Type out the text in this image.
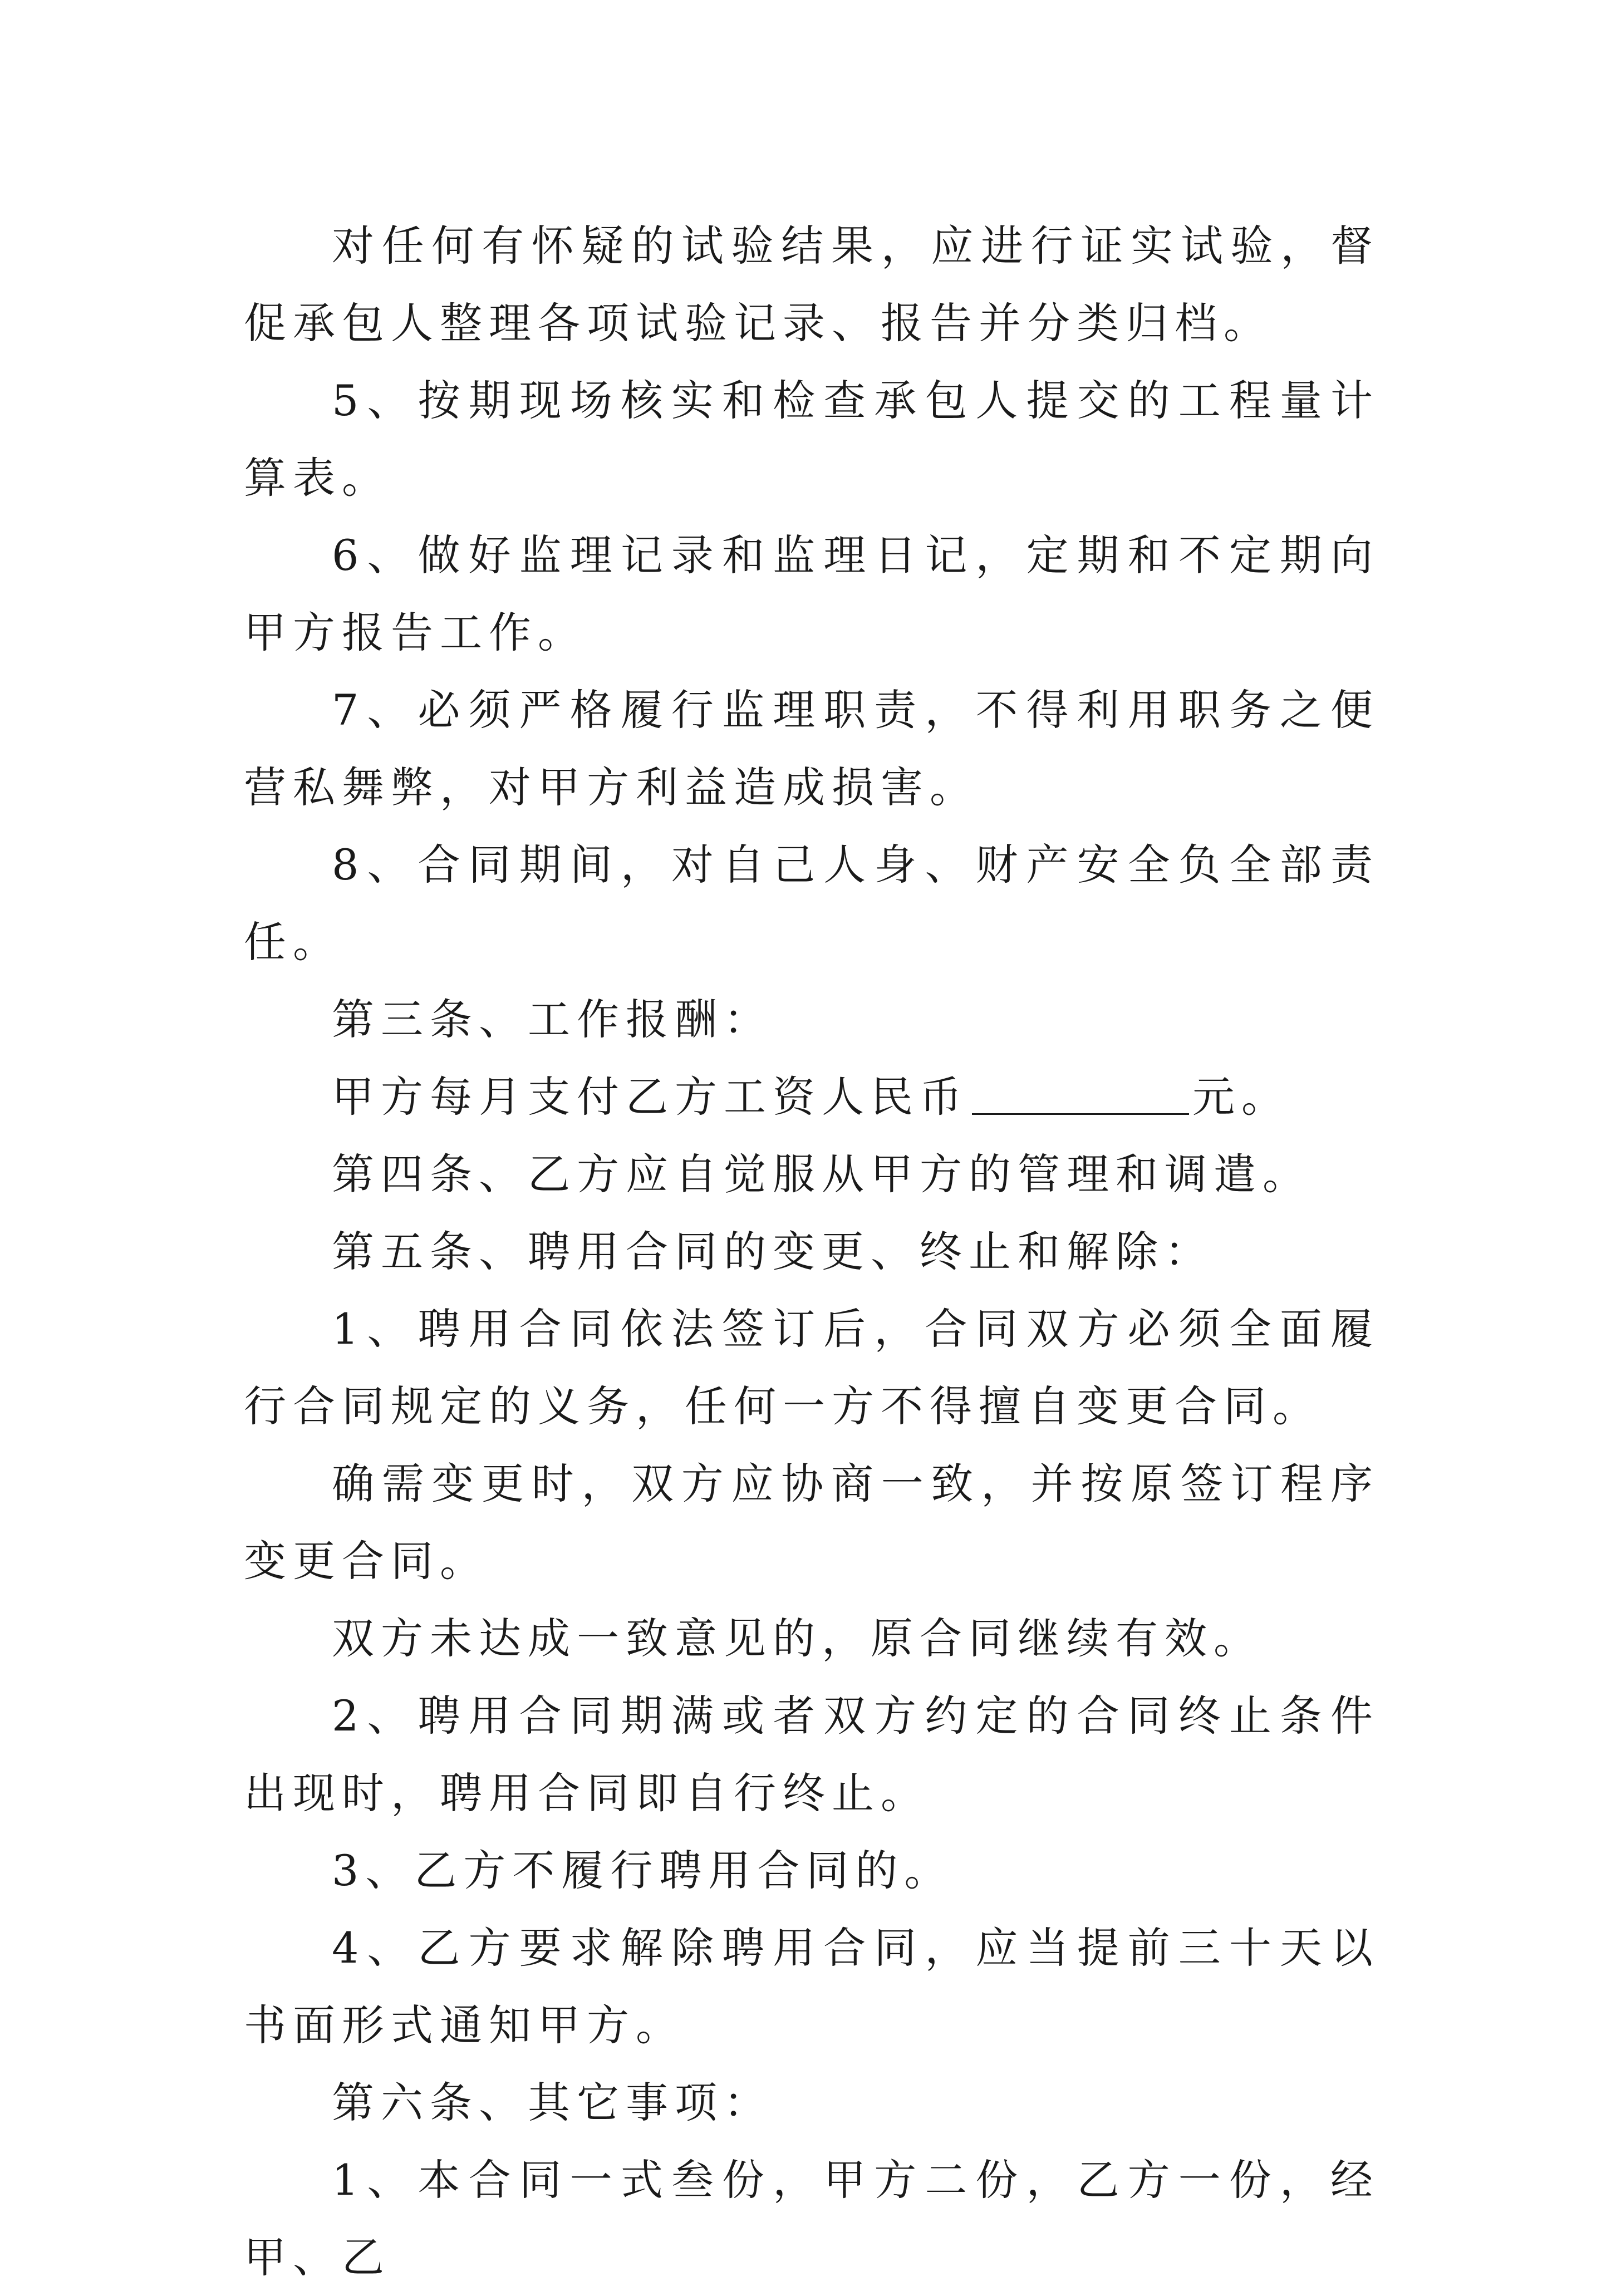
对任何有怀疑的试验结果，应进行证实试验，督促承包人整理各项试验记录、报告并分类归档。

5、按期现场核实和检查承包人提交的工程量计算表。

6、做好监理记录和监理日记，定期和不定期向甲方报告工作。

7、必须严格履行监理职责，不得利用职务之便营私舞弊，对甲方利益造成损害。

8、合同期间，对自己人身、财产安全负全部责任。

第三条、工作报酬：

甲方每月支付乙方工资人民币	元。

第四条、乙方应自觉服从甲方的管理和调遣。

第五条、聘用合同的变更、终止和解除：

1、聘用合同依法签订后，合同双方必须全面履行合同规定的义务，任何一方不得擅自变更合同。

确需变更时，双方应协商一致，并按原签订程序变更合同。

双方未达成一致意见的，原合同继续有效。

2、聘用合同期满或者双方约定的合同终止条件出现时，聘用合同即自行终止。

3、乙方不履行聘用合同的。

4、乙方要求解除聘用合同，应当提前三十天以书面形式通知甲方。

第六条、其它事项：

1、本合同一式叁份，甲方二份，乙方一份，经甲、乙
